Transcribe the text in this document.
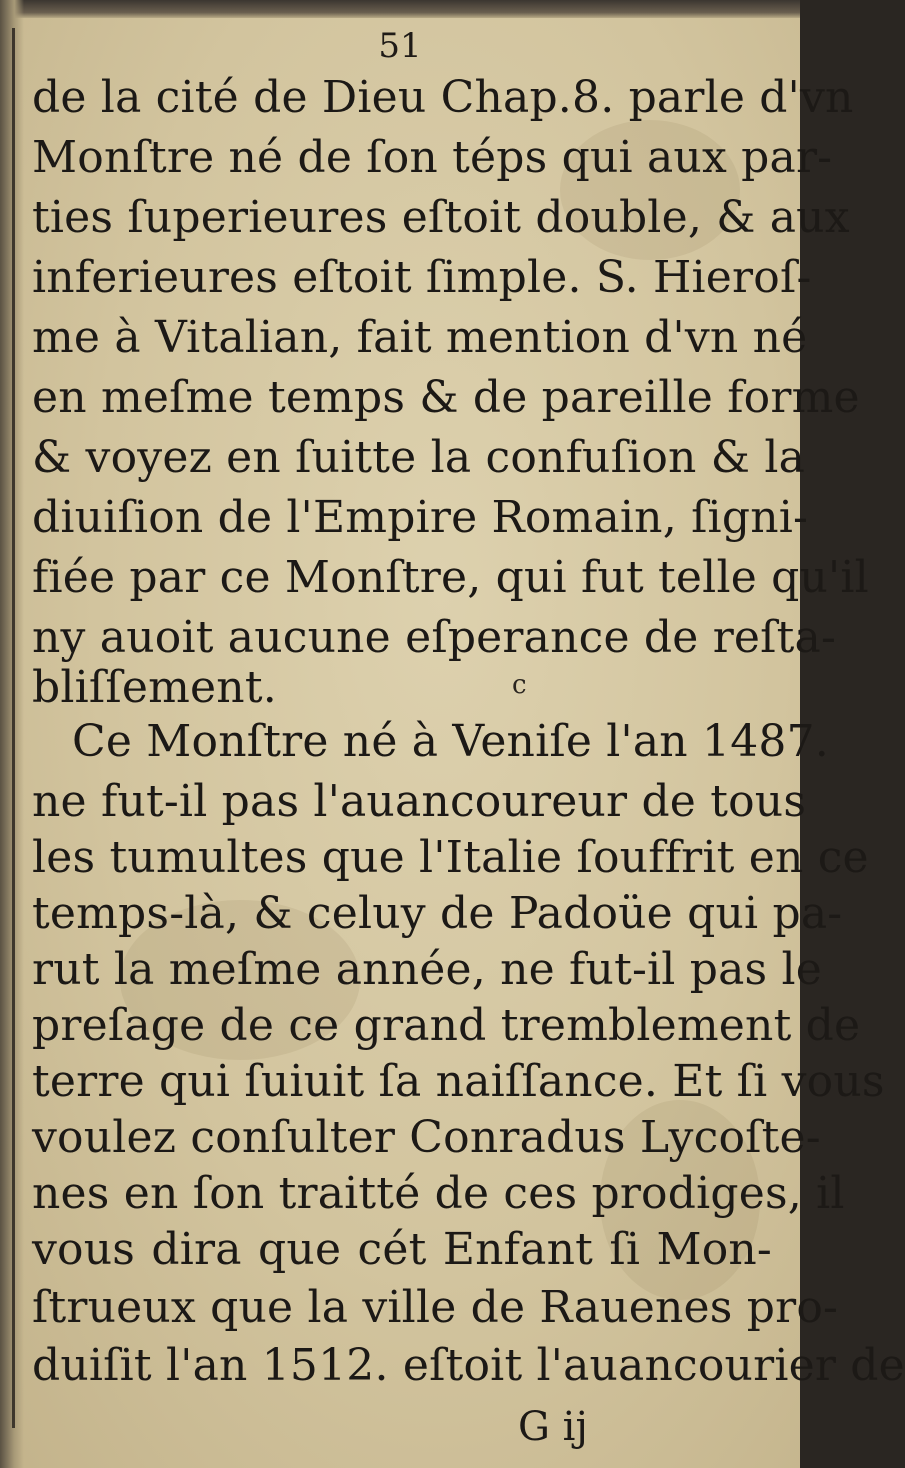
51
de la cité de Dieu Chap.8. parle d'vn
Monſtre né de ſon téps qui aux par-
ties ſuperieures eſtoit double, & aux
inferieures eſtoit ſimple. S. Hieroſ-
me à Vitalian, fait mention d'vn né
en meſme temps & de pareille forme
& voyez en ſuitte la confuſion & la
diuiſion de l'Empire Romain, ſigni-
fiée par ce Monſtre, qui fut telle qu'il
ny auoit aucune eſperance de reſta-
bliſſement.	c
Ce Monſtre né à Veniſe l'an 1487.
ne fut-il pas l'auancoureur de tous
les tumultes que l'Italie ſouffrit en ce
temps-là, & celuy de Padoüe qui pa-
rut la meſme année, ne fut-il pas le
preſage de ce grand tremblement de
terre qui ſuiuit ſa naiſſance. Et ſi vous
voulez conſulter Conradus Lycoſte-
nes en ſon traitté de ces prodiges, il
vous dira que cét Enfant ſi Mon-
ſtrueux que la ville de Rauenes pro-
duiſit l'an 1512. eſtoit l'auancourier de
G ij
